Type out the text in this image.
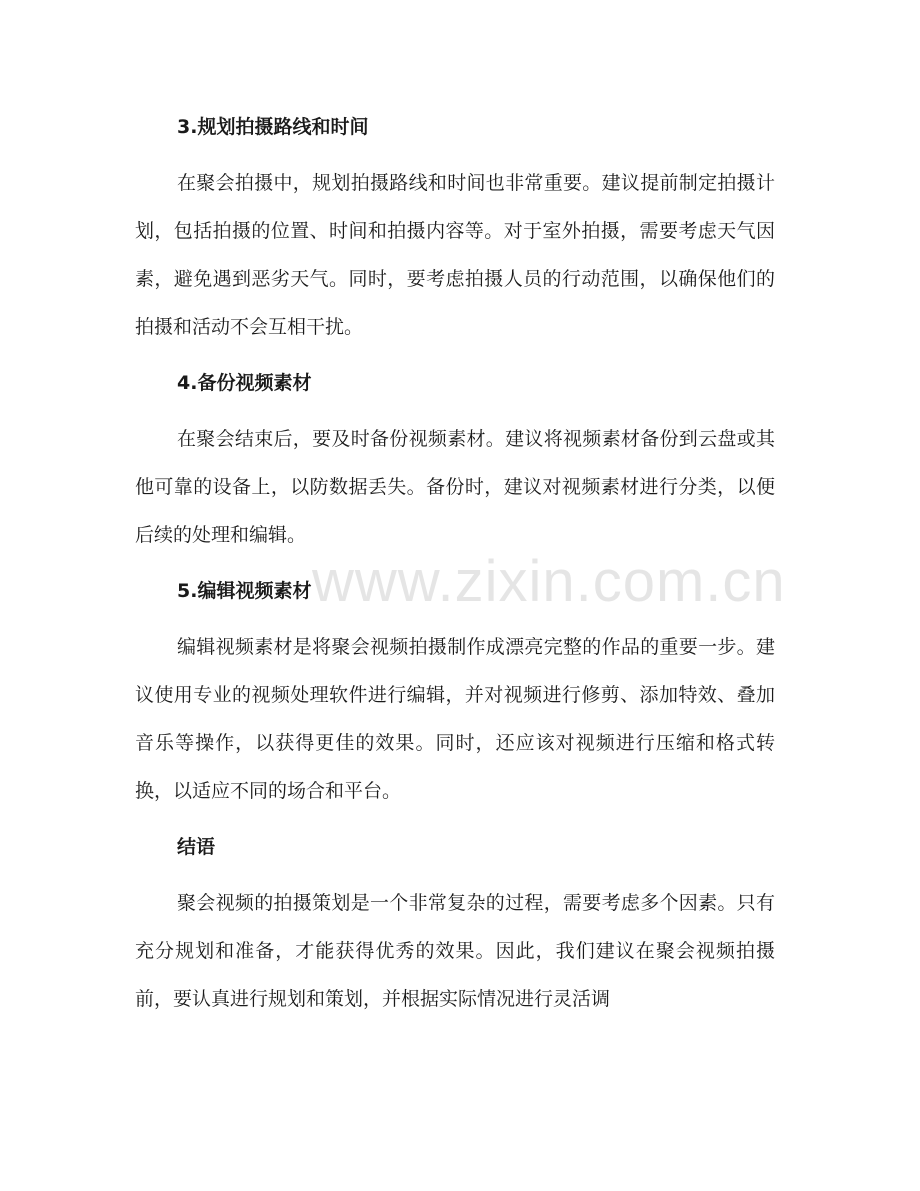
3.规划拍摄路线和时间

在聚会拍摄中，规划拍摄路线和时间也非常重要。建议提前制定拍摄计划，包括拍摄的位置、时间和拍摄内容等。对于室外拍摄，需要考虑天气因素，避免遇到恶劣天气。同时，要考虑拍摄人员的行动范围，以确保他们的拍摄和活动不会互相干扰。

4.备份视频素材

在聚会结束后，要及时备份视频素材。建议将视频素材备份到云盘或其他可靠的设备上，以防数据丢失。备份时，建议对视频素材进行分类，以便后续的处理和编辑。

5.编辑视频素材

编辑视频素材是将聚会视频拍摄制作成漂亮完整的作品的重要一步。建议使用专业的视频处理软件进行编辑，并对视频进行修剪、添加特效、叠加音乐等操作，以获得更佳的效果。同时，还应该对视频进行压缩和格式转换，以适应不同的场合和平台。

结语

聚会视频的拍摄策划是一个非常复杂的过程，需要考虑多个因素。只有充分规划和准备，才能获得优秀的效果。因此，我们建议在聚会视频拍摄前，要认真进行规划和策划，并根据实际情况进行灵活调

www.zixin.com.cn
